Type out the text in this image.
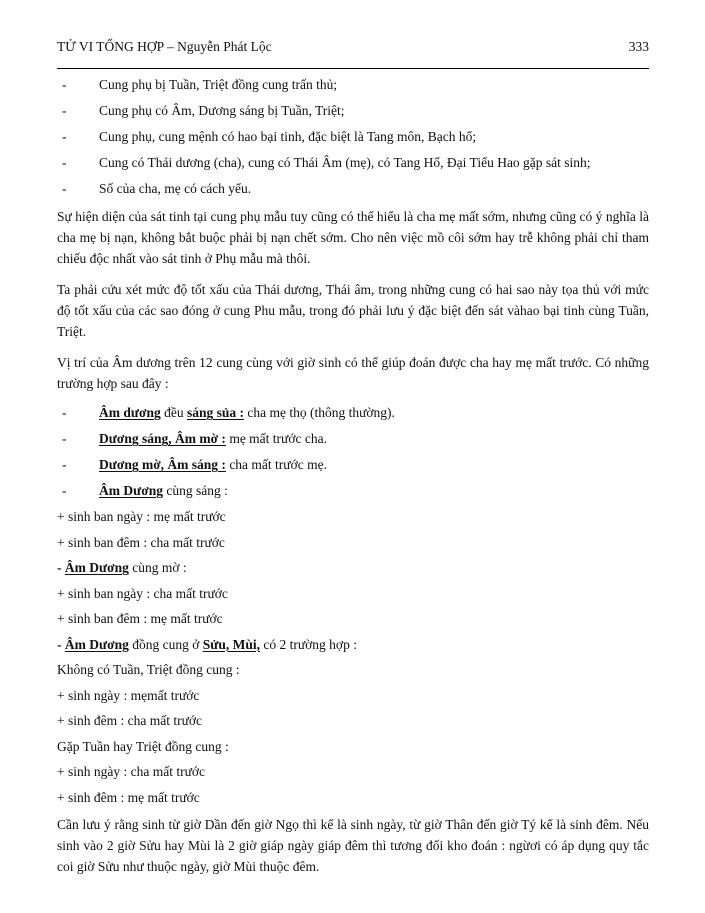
TỬ VI TỔNG HỢP – Nguyễn Phát Lộc	333
-	Cung phụ bị Tuần, Triệt đồng cung trấn thủ;
-	Cung phụ có Âm, Dương sáng bị Tuần, Triệt;
-	Cung phụ, cung mệnh có hao bại tinh, đặc biệt là Tang môn, Bạch hổ;
-	Cung có Thái dương (cha), cung có Thái Âm (mẹ), có Tang Hổ, Đại Tiểu Hao gặp sát sinh;
-	Số của cha, mẹ có cách yểu.

Sự hiện diện của sát tinh tại cung phụ mẫu tuy cũng có thể hiểu là cha mẹ mất sớm, nhưng cũng có ý nghĩa là cha mẹ bị nạn, không bắt buộc phải bị nạn chết sớm. Cho nên việc mồ côi sớm hay trễ không phải chỉ tham chiếu độc nhất vào sát tinh ở Phụ mẫu mà thôi.

Ta phải cứu xét mức độ tốt xấu của Thái dương, Thái âm, trong những cung có hai sao này tọa thủ với mức độ tốt xấu của các sao đóng ở cung Phu mẫu, trong đó phải lưu ý đặc biệt đến sát vàhao bại tinh cùng Tuần, Triệt.

Vị trí của Âm dương trên 12 cung cùng với giờ sinh có thể giúp đoán được cha hay mẹ mất trước. Có những trường hợp sau đây :

-	Âm dương đều sáng sủa : cha mẹ thọ (thông thường).
-	Dương sáng, Âm mờ : mẹ mất trước cha.
-	Dương mờ, Âm sáng : cha mất trước mẹ.
-	Âm Dương cùng sáng :

+ sinh ban ngày : mẹ mất trước

+ sinh ban đêm : cha mất trước

- Âm Dương cùng mờ :

+ sinh ban ngày : cha mất trước

+ sinh ban đêm : mẹ mất trước

- Âm Dương đồng cung ở Sửu, Mùi, có 2 trường hợp :

Không có Tuần, Triệt đồng cung :

+ sinh ngày : mẹmất trước

+ sinh đêm : cha mất trước

Gặp Tuần hay Triệt đồng cung :

+ sinh ngày : cha mất trước

+ sinh đêm : mẹ mất trước

Cần lưu ý rằng sinh từ giờ Dần đến giờ Ngọ thì kể là sinh ngày, từ giờ Thân đến giờ Tý kể là sinh đêm. Nếu sinh vào 2 giờ Sửu hay Mùi là 2 giờ giáp ngày giáp đêm thì tương đối kho đoán : ngừơi có áp dụng quy tắc coi giờ Sửu như thuộc ngày, giờ Mùi thuộc đêm.
